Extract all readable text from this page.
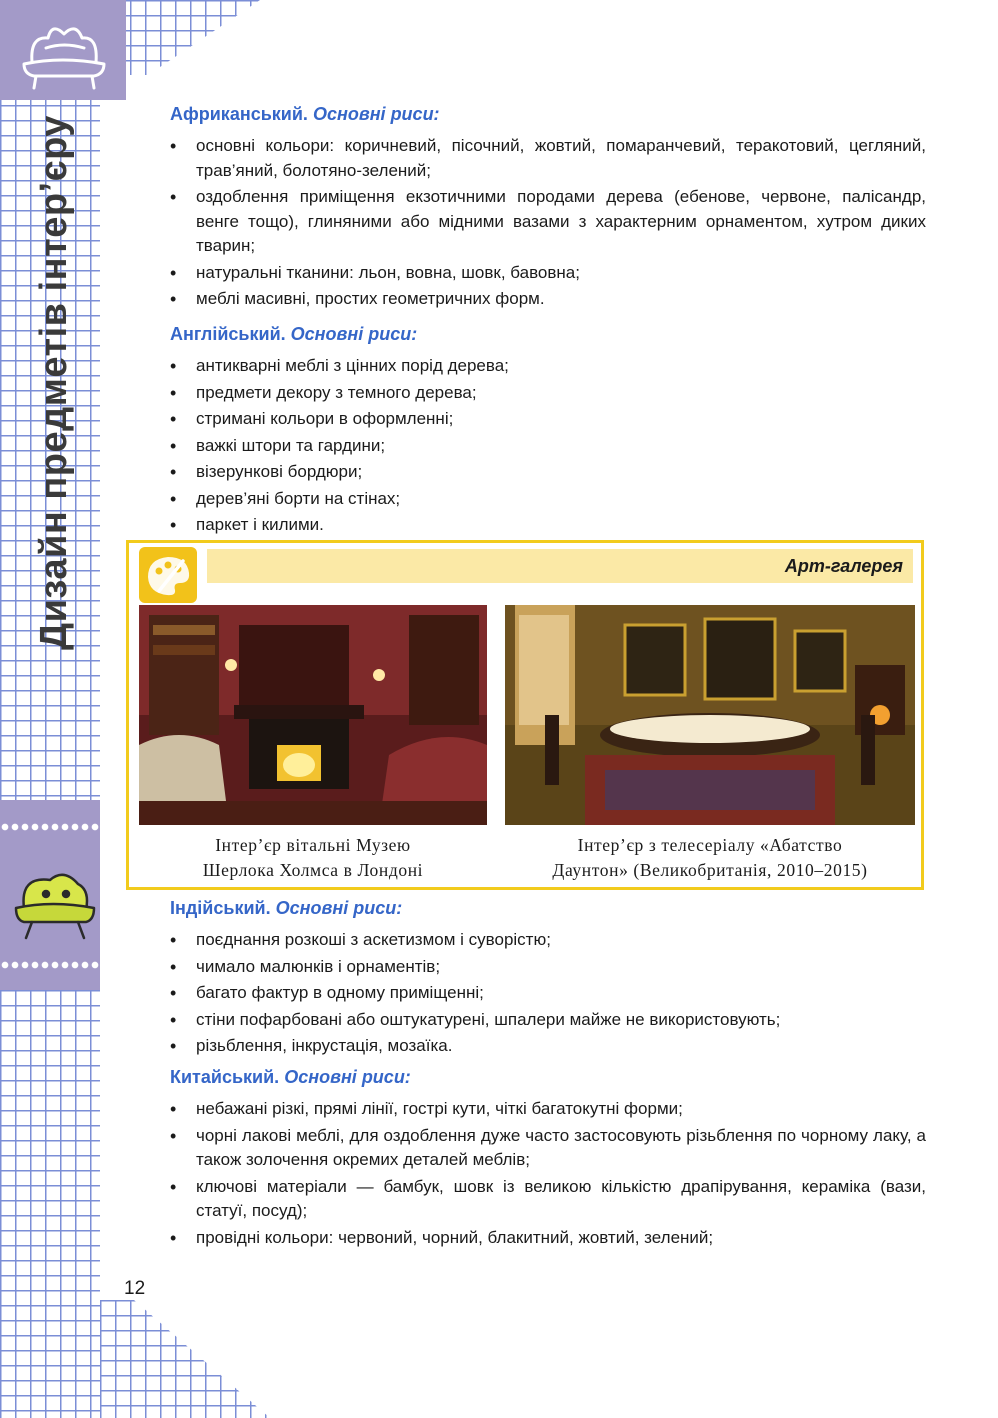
Дизайн предметів інтер’єру
Африканський. Основні риси:
• основні кольори: коричневий, пісочний, жовтий, помаранчевий, теракотовий, цегляний, трав’яний, болотяно-зелений;
• оздоблення приміщення екзотичними породами дерева (ебенове, червоне, палісандр, венге тощо), глиняними або мідними вазами з характерним орнаментом, хутром диких тварин;
• натуральні тканини: льон, вовна, шовк, бавовна;
• меблі масивні, простих геометричних форм.
Англійський. Основні риси:
• антикварні меблі з цінних порід дерева;
• предмети декору з темного дерева;
• стримані кольори в оформленні;
• важкі штори та гардини;
• візерункові бордюри;
• дерев’яні борти на стінах;
• паркет і килими.
Арт-галерея
Інтер’єр вітальні Музею
Шерлока Холмса в Лондоні
Інтер’єр з телесеріалу «Абатство
Даунтон» (Великобританія, 2010–2015)
Індійський. Основні риси:
• поєднання розкоші з аскетизмом і суворістю;
• чимало малюнків і орнаментів;
• багато фактур в одному приміщенні;
• стіни пофарбовані або оштукатурені, шпалери майже не використовують;
• різьблення, інкрустація, мозаїка.
Китайський. Основні риси:
• небажані різкі, прямі лінії, гострі кути, чіткі багатокутні форми;
• чорні лакові меблі, для оздоблення дуже часто застосовують різьблення по чорному лаку, а також золочення окремих деталей меблів;
• ключові матеріали — бамбук, шовк із великою кількістю драпірування, кераміка (вази, статуї, посуд);
• провідні кольори: червоний, чорний, блакитний, жовтий, зелений;
12
